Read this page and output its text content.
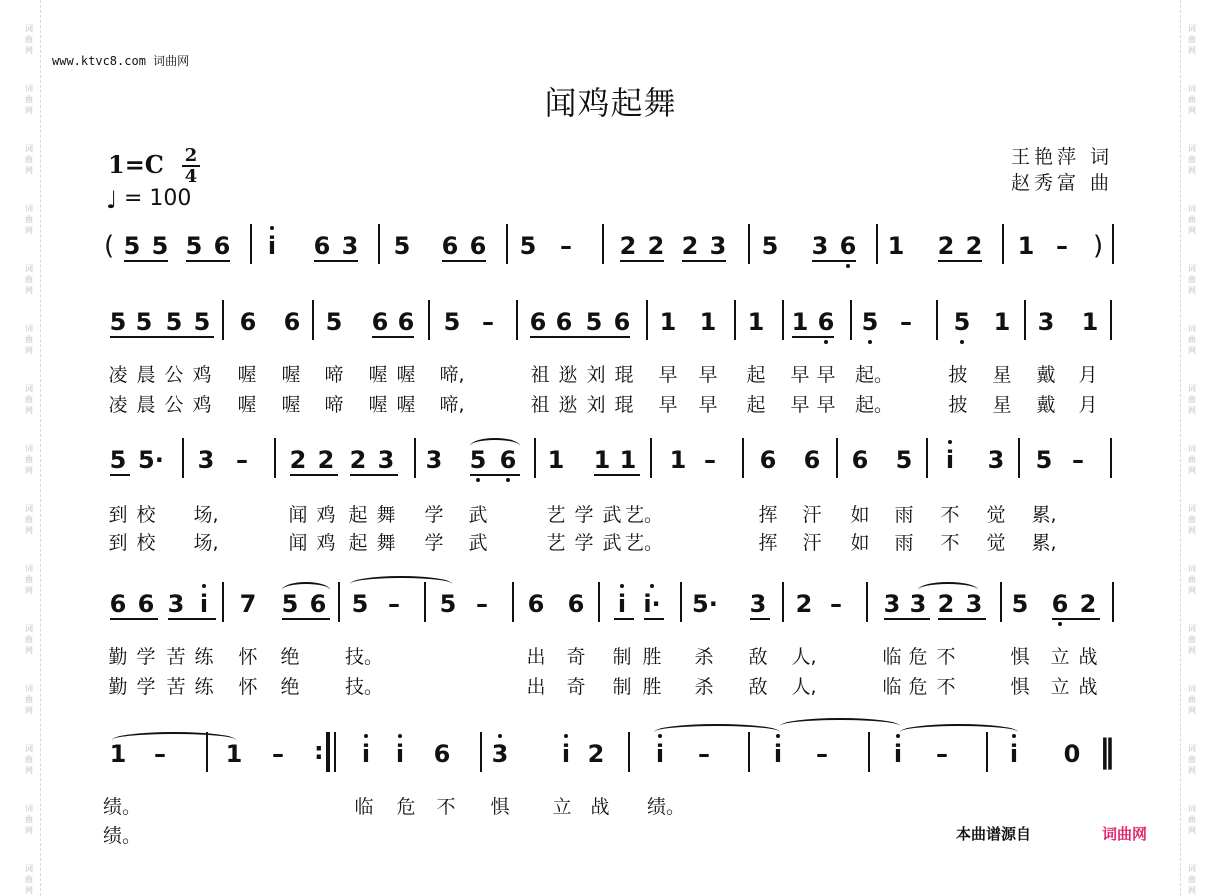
词
曲
网
词
曲
网
词
曲
网
词
曲
网
词
曲
网
词
曲
网
词
曲
网
词
曲
网
词
曲
网
词
曲
网
词
曲
网
词
曲
网
词
曲
网
词
曲
网
词
曲
网
词
曲
网
词
曲
网
词
曲
网
词
曲
网
词
曲
网
词
曲
网
词
曲
网
词
曲
网
词
曲
网
词
曲
网
词
曲
网
词
曲
网
词
曲
网
词
曲
网
词
曲
网
www.ktvc8.com 词曲网
闻鸡起舞
王艳萍 词
赵秀富 曲
1=C 2
4
♩ = 100
(	)
:	‖
5 5 5 6	i	6 3 5 6 6 5 – 2 2 2 3 5 3 6 1 2 2 1 –
5 5 5 5 6 6 5 6 6 5 – 6 6 5 6 1 1 1 1 6 5 – 5 1 3 1
凌 晨 公 鸡 喔 喔 啼 喔 喔 啼,	祖 逖 刘 琨 早 早 起 早 早 起。	披 星 戴 月
凌 晨 公 鸡 喔 喔 啼 喔 喔 啼,	祖 逖 刘 琨 早 早 起 早 早 起。	披 星 戴 月
5 5· 3 – 2 2 2 3 3 5 6 1 1 1 1 – 6 6 6 5	i	3 5 –
到 校 场,	闻 鸡 起 舞 学 武	艺 学 武 艺。	挥 汗 如 雨 不 觉 累,
到 校 场,	闻 鸡 起 舞 学 武	艺 学 武 艺。	挥 汗 如 雨 不 觉 累,
6 6 3 i	7 5 6 5 – 5 – 6 6	i i· 5· 3 2 – 3 3 2 3 5 6 2
勤 学 苦 练 怀 绝 技。	出 奇 制 胜 杀 敌 人,	临 危 不	惧 立 战
勤 学 苦 练 怀 绝 技。	出 奇 制 胜 杀 敌 人,	临 危 不	惧 立 战
1 – 1 –	i	i	6 3	i 2	i	–	i	–	i	–	i	0
绩。	临 危 不 惧 立 战 绩。
绩。	本曲谱源自	词曲网
